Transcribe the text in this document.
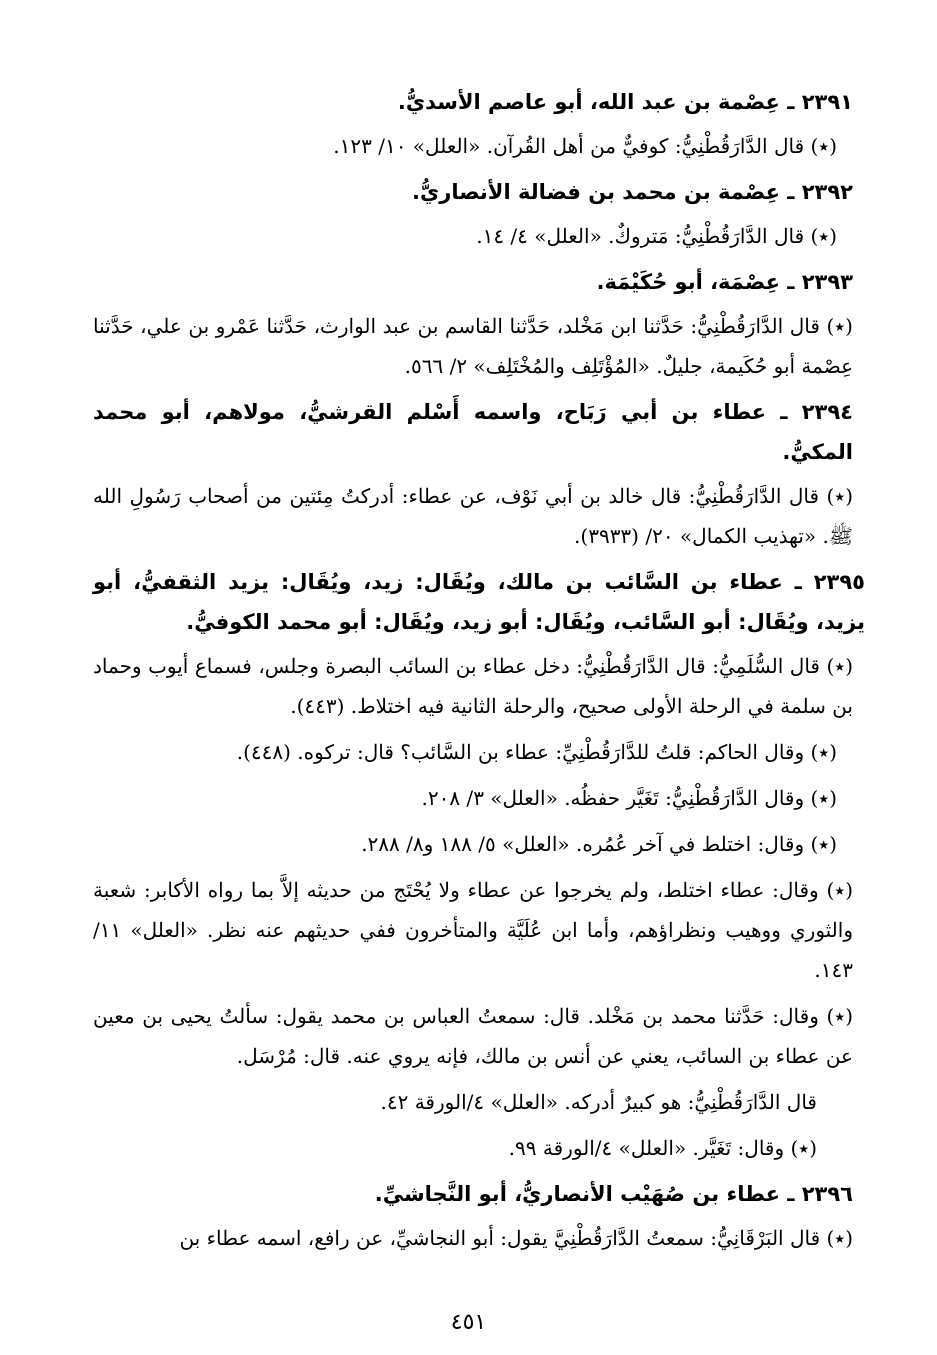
٢٣٩١ ـ عِصْمة بن عبد الله، أبو عاصم الأسديُّ.
(٭) قال الدَّارَقُطْنِيُّ: كوفيٌّ من أهل القُرآن. «العلل» ١٠/ ١٢٣.
٢٣٩٢ ـ عِصْمة بن محمد بن فضالة الأنصاريُّ.
(٭) قال الدَّارَقُطْنِيُّ: مَتروكٌ. «العلل» ٤/ ١٤.
٢٣٩٣ ـ عِصْمَة، أبو حُكَيْمَة.
(٭) قال الدَّارَقُطْنِيُّ: حَدَّثنا ابن مَخْلد، حَدَّثنا القاسم بن عبد الوارث، حَدَّثنا عَمْرو بن علي، حَدَّثنا عِصْمة أبو حُكَيمة، جليلٌ. «المُؤْتَلِف والمُخْتَلِف» ٢/ ٥٦٦.
٢٣٩٤ ـ عطاء بن أبي رَبَاح، واسمه أَسْلم القرشيُّ، مولاهم، أبو محمد المكيُّ.
(٭) قال الدَّارَقُطْنِيُّ: قال خالد بن أبي نَوْف، عن عطاء: أدركتُ مِئتين من أصحاب رَسُولِ الله ﷺ. «تهذيب الكمال» ٢٠/ (٣٩٣٣).
٢٣٩٥ ـ عطاء بن السَّائب بن مالك، ويُقَال: زيد، ويُقَال: يزيد الثقفيُّ، أبو يزيد، ويُقَال: أبو السَّائب، ويُقَال: أبو زيد، ويُقَال: أبو محمد الكوفيُّ.
(٭) قال السُّلَمِيُّ: قال الدَّارَقُطْنِيُّ: دخل عطاء بن السائب البصرة وجلس، فسماع أيوب وحماد بن سلمة في الرحلة الأولى صحيح، والرحلة الثانية فيه اختلاط. (٤٤٣).
(٭) وقال الحاكم: قلتُ للدَّارَقُطْنِيِّ: عطاء بن السَّائب؟ قال: تركوه. (٤٤٨).
(٭) وقال الدَّارَقُطْنِيُّ: تَغَيَّر حفظُه. «العلل» ٣/ ٢٠٨.
(٭) وقال: اختلط في آخر عُمُره. «العلل» ٥/ ١٨٨ و٨/ ٢٨٨.
(٭) وقال: عطاء اختلط، ولم يخرجوا عن عطاء ولا يُحْتَج من حديثه إلاَّ بما رواه الأكابر: شعبة والثوري ووهيب ونظراؤهم، وأما ابن عُلَيَّة والمتأخرون ففي حديثهم عنه نظر. «العلل» ١١/ ١٤٣.
(٭) وقال: حَدَّثنا محمد بن مَخْلد. قال: سمعتُ العباس بن محمد يقول: سألتُ يحيى بن معين عن عطاء بن السائب، يعني عن أنس بن مالك، فإنه يروي عنه. قال: مُرْسَل.
قال الدَّارَقُطْنِيُّ: هو كبيرٌ أدركه. «العلل» ٤/الورقة ٤٢.
(٭) وقال: تَغَيَّر. «العلل» ٤/الورقة ٩٩.
٢٣٩٦ ـ عطاء بن صُهَيْب الأنصاريُّ، أبو النَّجاشيِّ.
(٭) قال البَرْقَانِيُّ: سمعتُ الدَّارَقُطْنِيَّ يقول: أبو النجاشيِّ، عن رافع، اسمه عطاء بن
٤٥١
